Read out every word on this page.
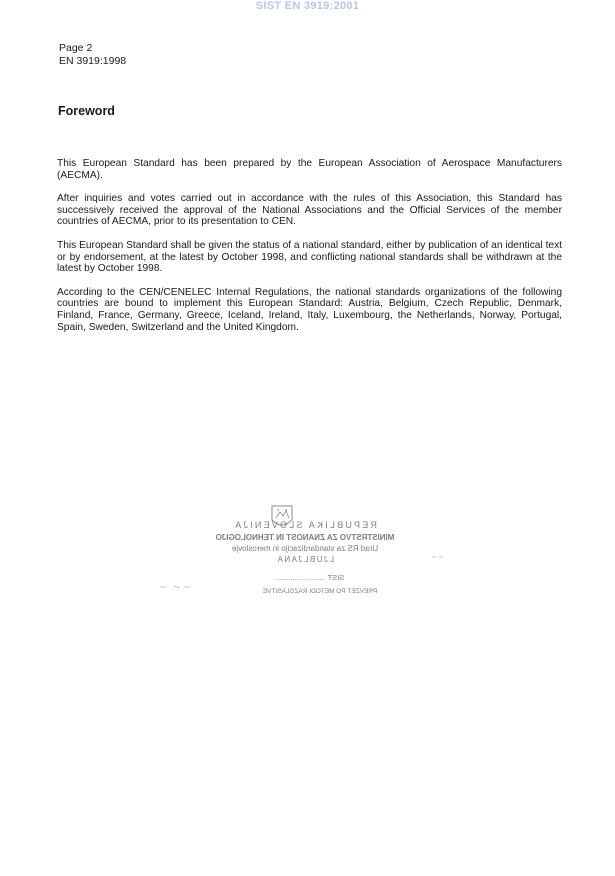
SIST EN 3919:2001
Page 2
EN 3919:1998
Foreword

This European Standard has been prepared by the European Association of Aerospace Manufacturers (AECMA).

After inquiries and votes carried out in accordance with the rules of this Association, this Standard has successively received the approval of the National Associations and the Official Services of the member countries of AECMA, prior to its presentation to CEN.

This European Standard shall be given the status of a national standard, either by publication of an identical text or by endorsement, at the latest by October 1998, and conflicting national standards shall be withdrawn at the latest by October 1998.

According to the CEN/CENELEC Internal Regulations, the national standards organizations of the following countries are bound to implement this European Standard: Austria, Belgium, Czech Republic, Denmark, Finland, France, Germany, Greece, Iceland, Ireland, Italy, Luxembourg, the Netherlands, Norway, Portugal, Spain, Sweden, Switzerland and the United Kingdom.

REPUBLIKA SLOVENIJA
MINISTRSTVO ZA ZNANOST IN TEHNOLOGIJO
Urad RS za standardizacijo in meroslovje
LJUBLJANA
SIST ........................
PREVZET PO METODI RAZGLASITVE
